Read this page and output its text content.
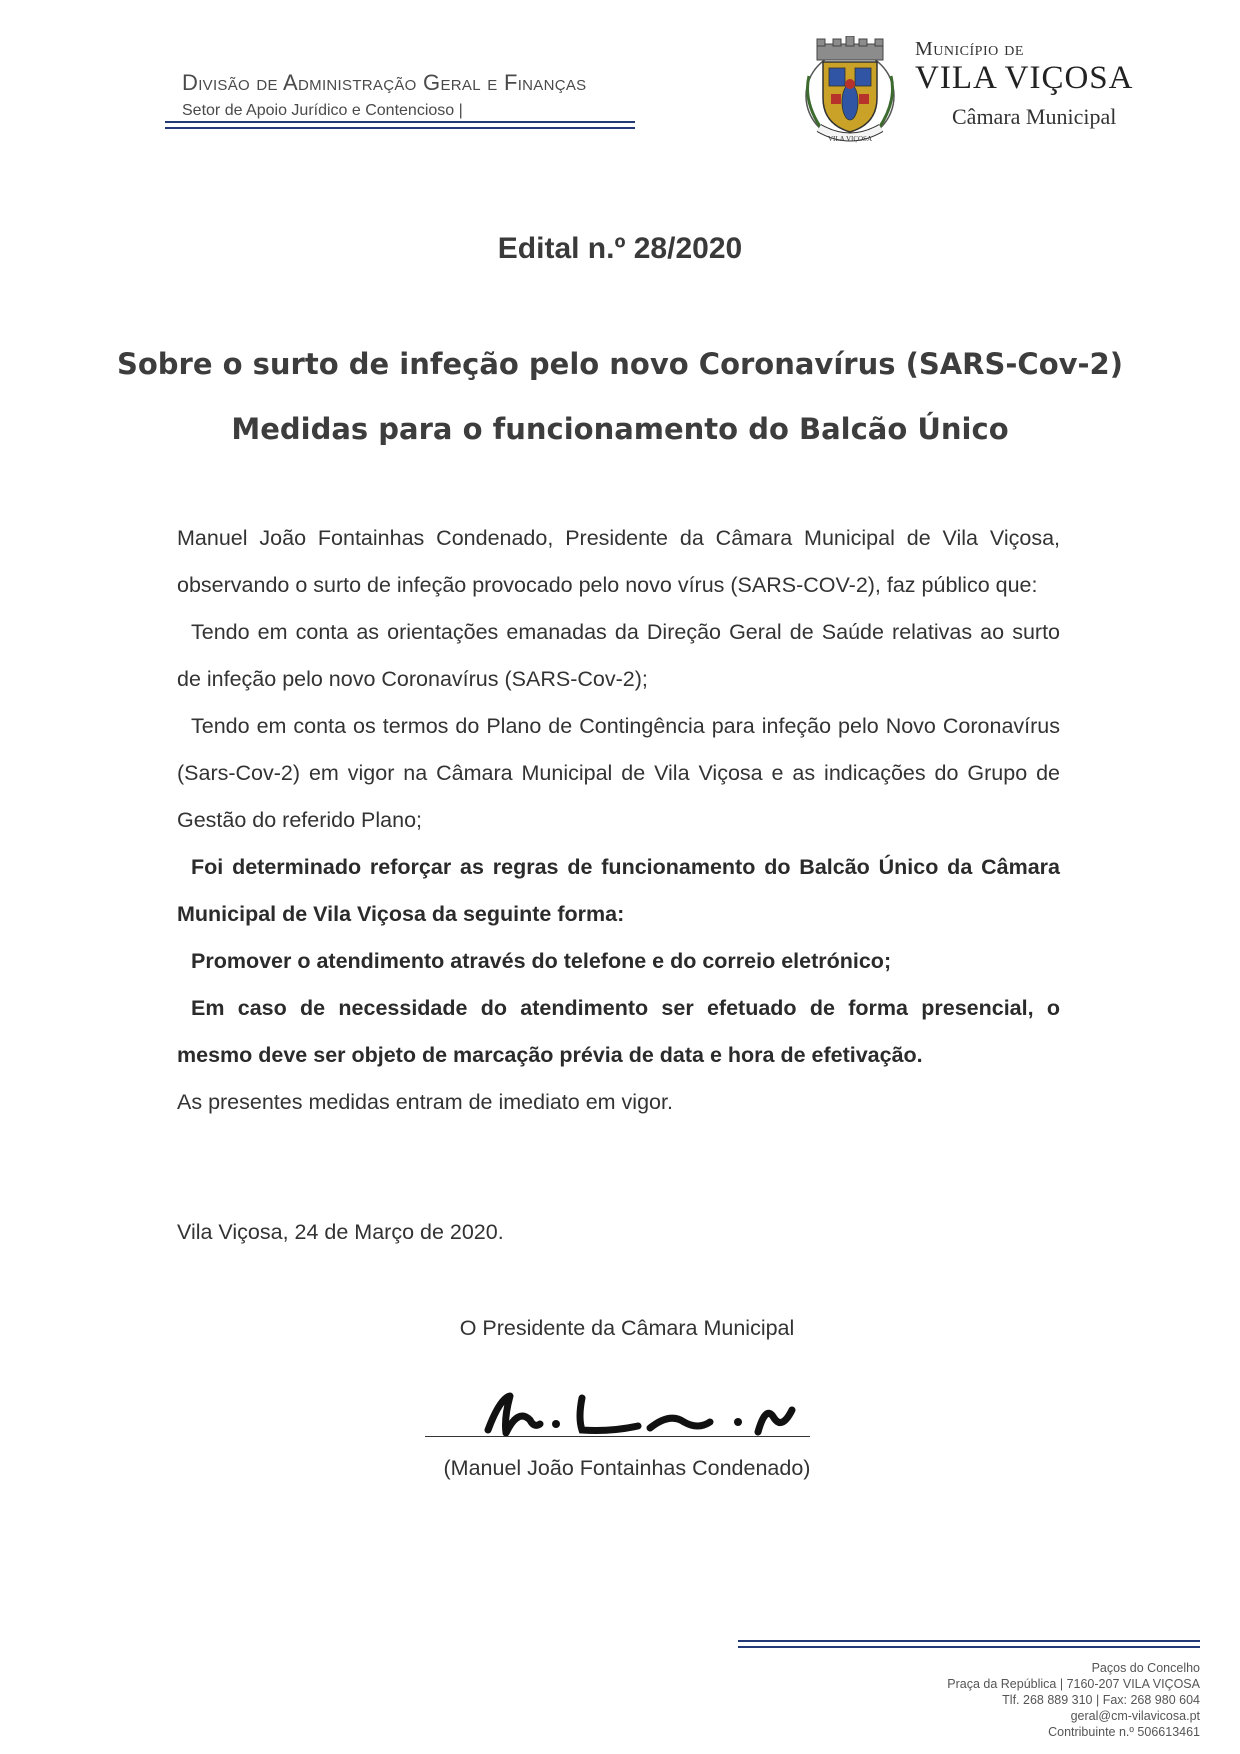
Divisão de Administração Geral e Finanças
Setor de Apoio Jurídico e Contencioso |
VILA VIÇOSA
Município de
VILA VIÇOSA
Câmara Municipal
Edital n.º 28/2020
Sobre o surto de infeção pelo novo Coronavírus (SARS-Cov-2)
Medidas para o funcionamento do Balcão Único

Manuel João Fontainhas Condenado, Presidente da Câmara Municipal de Vila Viçosa, observando o surto de infeção provocado pelo novo vírus (SARS-COV-2), faz público que:

Tendo em conta as orientações emanadas da Direção Geral de Saúde relativas ao surto de infeção pelo novo Coronavírus (SARS-Cov-2);

Tendo em conta os termos do Plano de Contingência para infeção pelo Novo Coronavírus (Sars-Cov-2) em vigor na Câmara Municipal de Vila Viçosa e as indicações do Grupo de Gestão do referido Plano;

Foi determinado reforçar as regras de funcionamento do Balcão Único da Câmara Municipal de Vila Viçosa da seguinte forma:

Promover o atendimento através do telefone e do correio eletrónico;

Em caso de necessidade do atendimento ser efetuado de forma presencial, o mesmo deve ser objeto de marcação prévia de data e hora de efetivação.

As presentes medidas entram de imediato em vigor.

Vila Viçosa, 24 de Março de 2020.
O Presidente da Câmara Municipal
(Manuel João Fontainhas Condenado)
Paços do Concelho
Praça da República | 7160-207 VILA VIÇOSA
Tlf. 268 889 310 | Fax: 268 980 604
geral@cm-vilavicosa.pt
Contribuinte n.º 506613461
